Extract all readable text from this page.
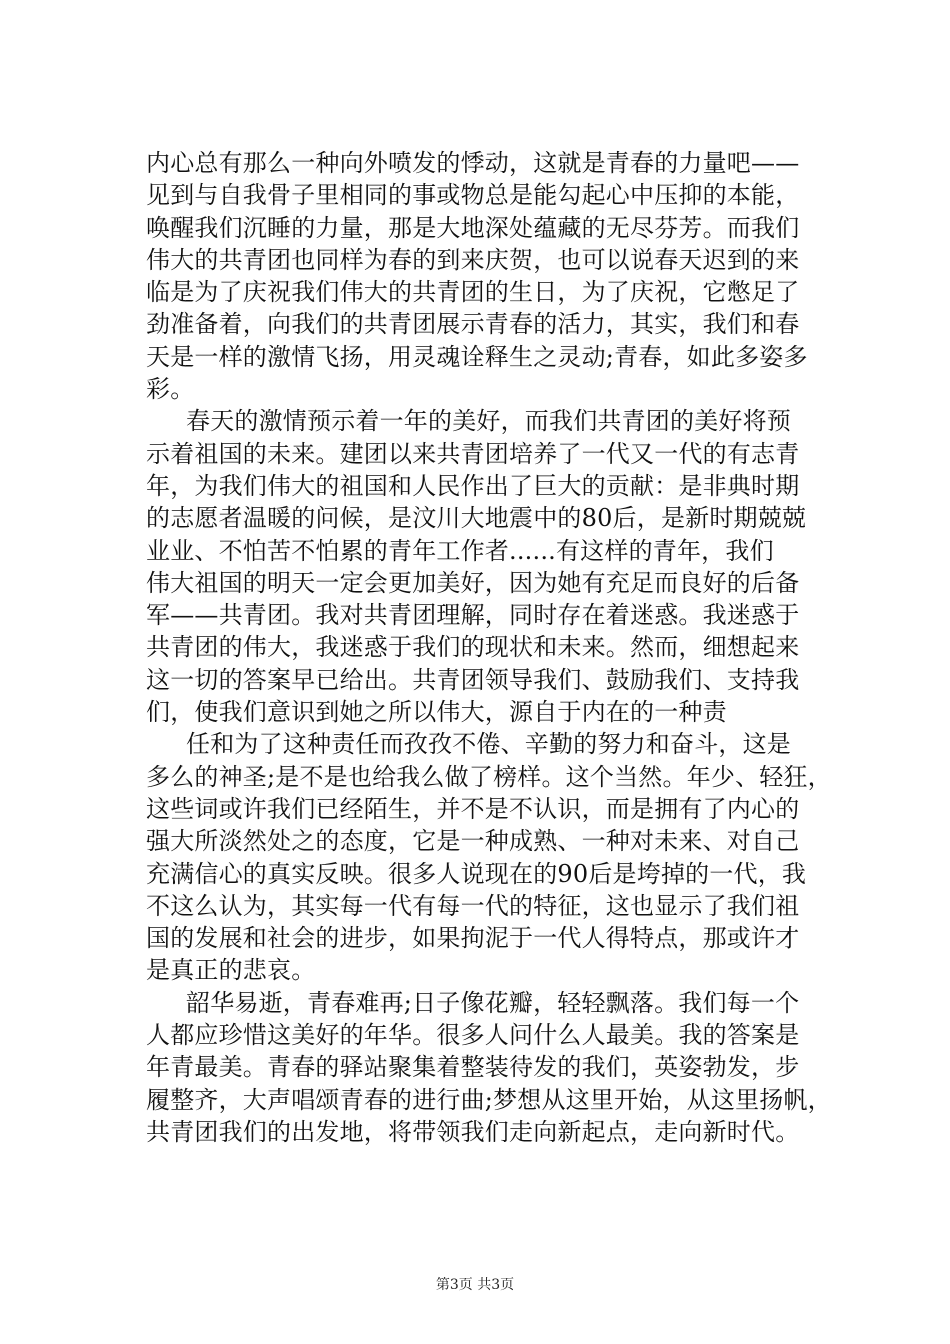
内心总有那么一种向外喷发的悸动，这就是青春的力量吧——
见到与自我骨子里相同的事或物总是能勾起心中压抑的本能，
唤醒我们沉睡的力量，那是大地深处蕴藏的无尽芬芳。而我们
伟大的共青团也同样为春的到来庆贺，也可以说春天迟到的来
临是为了庆祝我们伟大的共青团的生日，为了庆祝，它憋足了
劲准备着，向我们的共青团展示青春的活力，其实，我们和春
天是一样的激情飞扬，用灵魂诠释生之灵动;青春，如此多姿多
彩。

春天的激情预示着一年的美好，而我们共青团的美好将预
示着祖国的未来。建团以来共青团培养了一代又一代的有志青
年，为我们伟大的祖国和人民作出了巨大的贡献：是非典时期
的志愿者温暖的问候，是汶川大地震中的80后，是新时期兢兢
业业、不怕苦不怕累的青年工作者......有这样的青年，我们
伟大祖国的明天一定会更加美好，因为她有充足而良好的后备
军——共青团。我对共青团理解，同时存在着迷惑。我迷惑于
共青团的伟大，我迷惑于我们的现状和未来。然而，细想起来
这一切的答案早已给出。共青团领导我们、鼓励我们、支持我
们，使我们意识到她之所以伟大，源自于内在的一种责

任和为了这种责任而孜孜不倦、辛勤的努力和奋斗，这是
多么的神圣;是不是也给我么做了榜样。这个当然。年少、轻狂，
这些词或许我们已经陌生，并不是不认识，而是拥有了内心的
强大所淡然处之的态度，它是一种成熟、一种对未来、对自己
充满信心的真实反映。很多人说现在的90后是垮掉的一代，我
不这么认为，其实每一代有每一代的特征，这也显示了我们祖
国的发展和社会的进步，如果拘泥于一代人得特点，那或许才
是真正的悲哀。

韶华易逝，青春难再;日子像花瓣，轻轻飘落。我们每一个
人都应珍惜这美好的年华。很多人问什么人最美。我的答案是
年青最美。青春的驿站聚集着整装待发的我们，英姿勃发，步
履整齐，大声唱颂青春的进行曲;梦想从这里开始，从这里扬帆，
共青团我们的出发地，将带领我们走向新起点，走向新时代。

第3页 共3页
